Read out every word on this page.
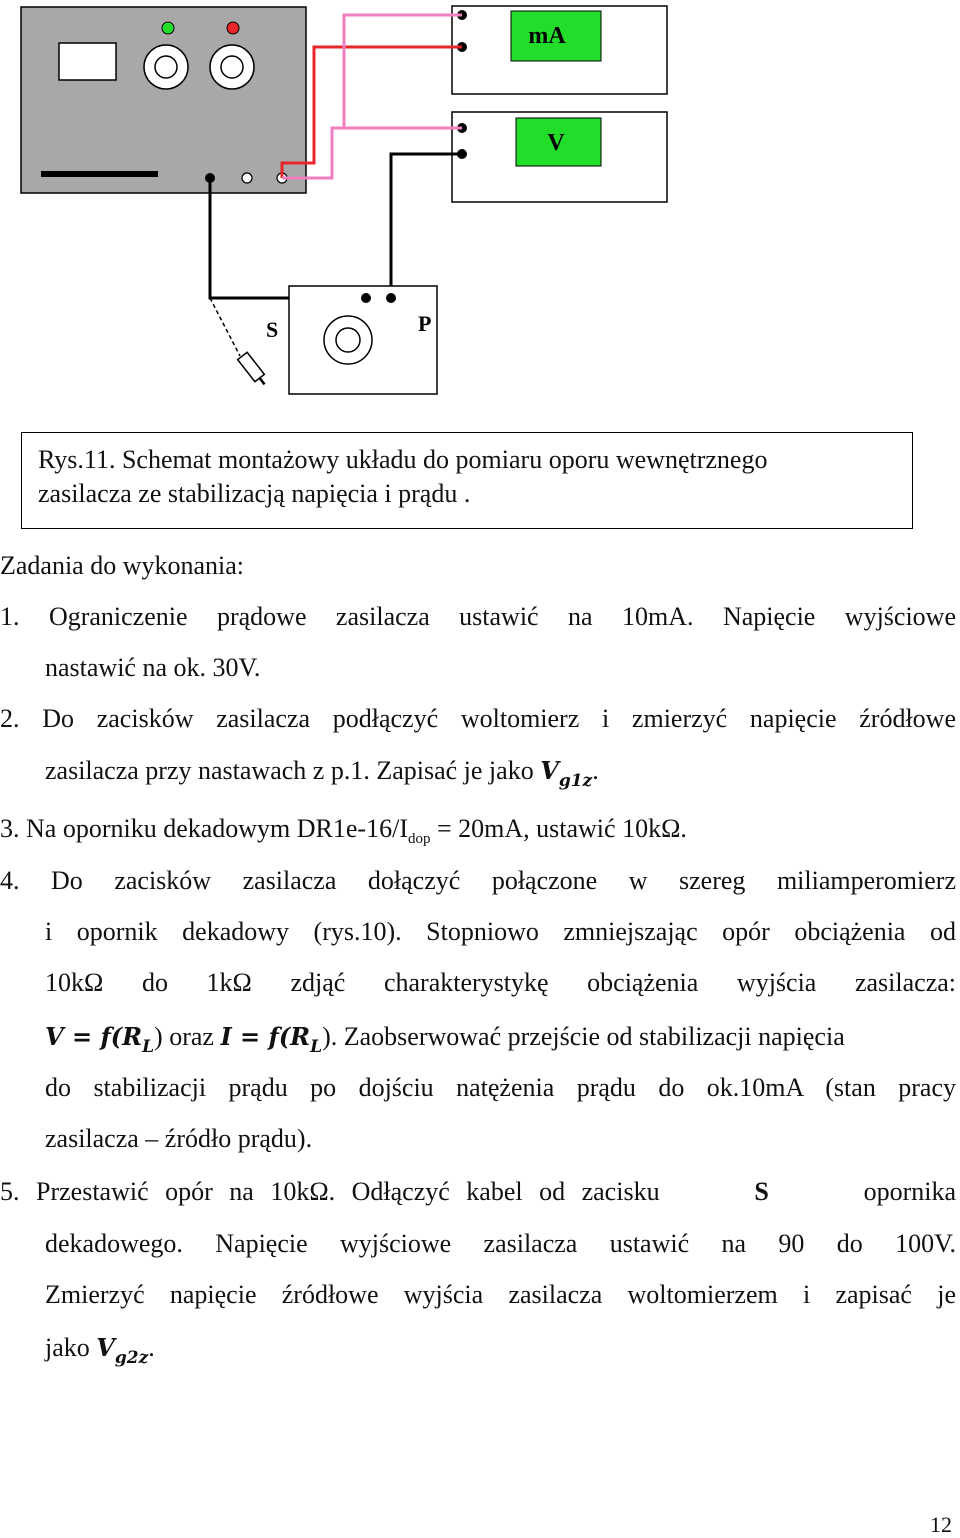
mA
V
S	P

Rys.11. Schemat montażowy układu do pomiaru oporu wewnętrznego
zasilacza ze stabilizacją napięcia i prądu .

Zadania do wykonania:

1. Ograniczenie prądowe zasilacza ustawić na 10mA. Napięcie wyjściowe

nastawić na ok. 30V.

2. Do zacisków zasilacza podłączyć woltomierz i zmierzyć napięcie źródłowe

zasilacza przy nastawach z p.1. Zapisać je jako $V_{g1z}$.

3. Na oporniku dekadowym $DR1e-16/I_{dop} = 20mA$, ustawić 10kΩ.

4. Do zacisków zasilacza dołączyć połączone w szereg miliamperomierz

i opornik dekadowy (rys.10). Stopniowo zmniejszając opór obciążenia od

10kΩ do 1kΩ zdjąć charakterystykę obciążenia wyjścia zasilacza:

$V = f(R_L)$ oraz $I = f(R_L)$. Zaobserwować przejście od stabilizacji napięcia

do stabilizacji prądu po dojściu natężenia prądu do ok.10mA (stan pracy

zasilacza – źródło prądu).

5. Przestawić opór na 10kΩ. Odłączyć kabel od zacisku	S	opornika

dekadowego. Napięcie wyjściowe zasilacza ustawić na 90 do 100V.

Zmierzyć napięcie źródłowe wyjścia zasilacza woltomierzem i zapisać je

jako $V_{g2z}$.

12
